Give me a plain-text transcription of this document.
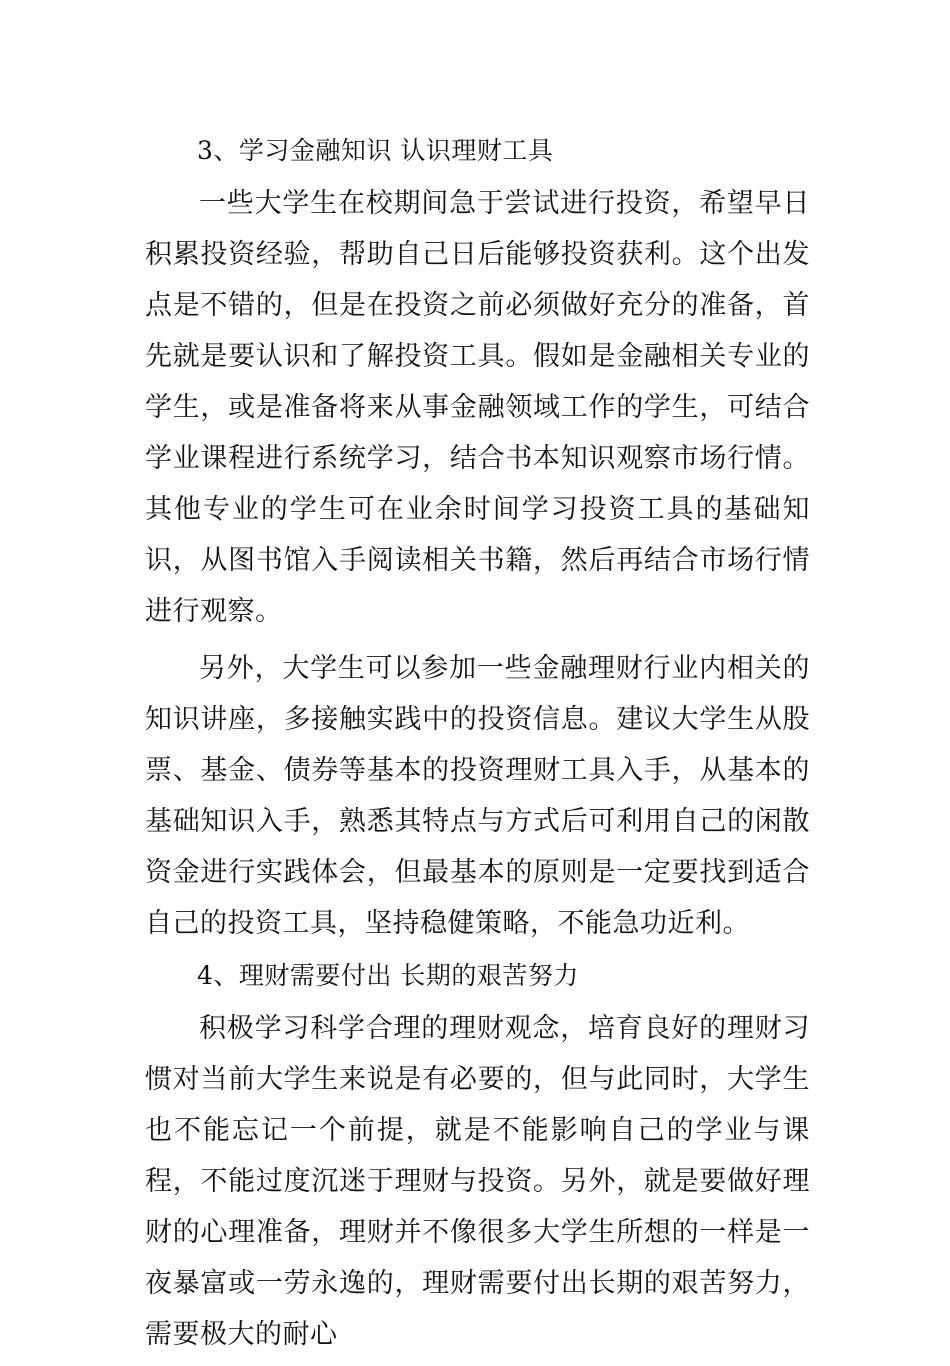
3、学习金融知识 认识理财工具

一些大学生在校期间急于尝试进行投资，希望早日积累投资经验，帮助自己日后能够投资获利。这个出发点是不错的，但是在投资之前必须做好充分的准备，首先就是要认识和了解投资工具。假如是金融相关专业的学生，或是准备将来从事金融领域工作的学生，可结合学业课程进行系统学习，结合书本知识观察市场行情。其他专业的学生可在业余时间学习投资工具的基础知识，从图书馆入手阅读相关书籍，然后再结合市场行情进行观察。

另外，大学生可以参加一些金融理财行业内相关的知识讲座，多接触实践中的投资信息。建议大学生从股票、基金、债券等基本的投资理财工具入手，从基本的基础知识入手，熟悉其特点与方式后可利用自己的闲散资金进行实践体会，但最基本的原则是一定要找到适合自己的投资工具，坚持稳健策略，不能急功近利。

4、理财需要付出 长期的艰苦努力

积极学习科学合理的理财观念，培育良好的理财习惯对当前大学生来说是有必要的，但与此同时，大学生也不能忘记一个前提，就是不能影响自己的学业与课程，不能过度沉迷于理财与投资。另外，就是要做好理财的心理准备，理财并不像很多大学生所想的一样是一夜暴富或一劳永逸的，理财需要付出长期的艰苦努力，需要极大的耐心
